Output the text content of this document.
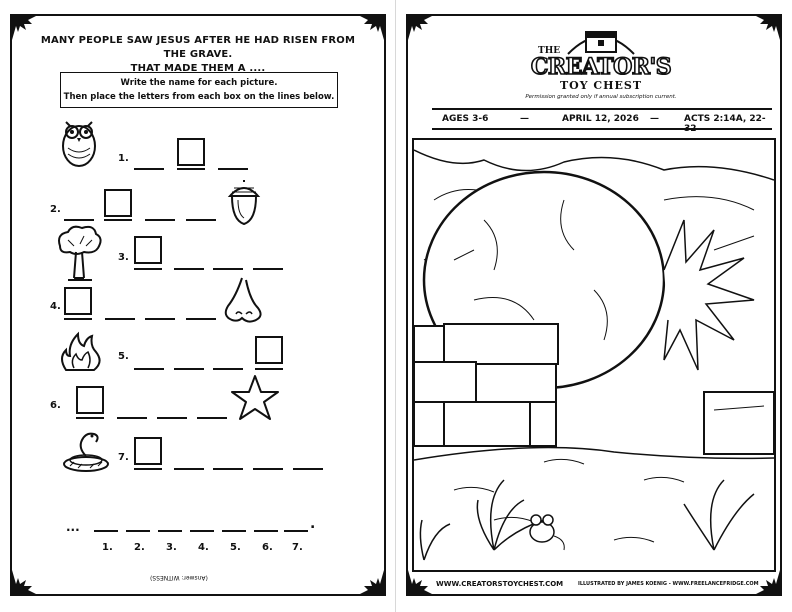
MANY PEOPLE SAW JESUS AFTER HE HAD RISEN FROM THE GRAVE.
THAT MADE THEM A ....
Write the name for each picture.
Then place the letters from each box on the lines below.
1.
2.
3.
4.
5.
6.
7.
...	.
1. 2. 3. 4. 5. 6. 7.
(Answer: WITNESS)
THE
CREATOR'S
TOY CHEST
Permission granted only if annual subscription current.
AGES 3-6	—	APRIL 12, 2026 —	ACTS 2:14A, 22-32
WWW.CREATORSTOYCHEST.COM	ILLUSTRATED BY JAMES KOENIG - WWW.FREELANCEFRIDGE.COM
